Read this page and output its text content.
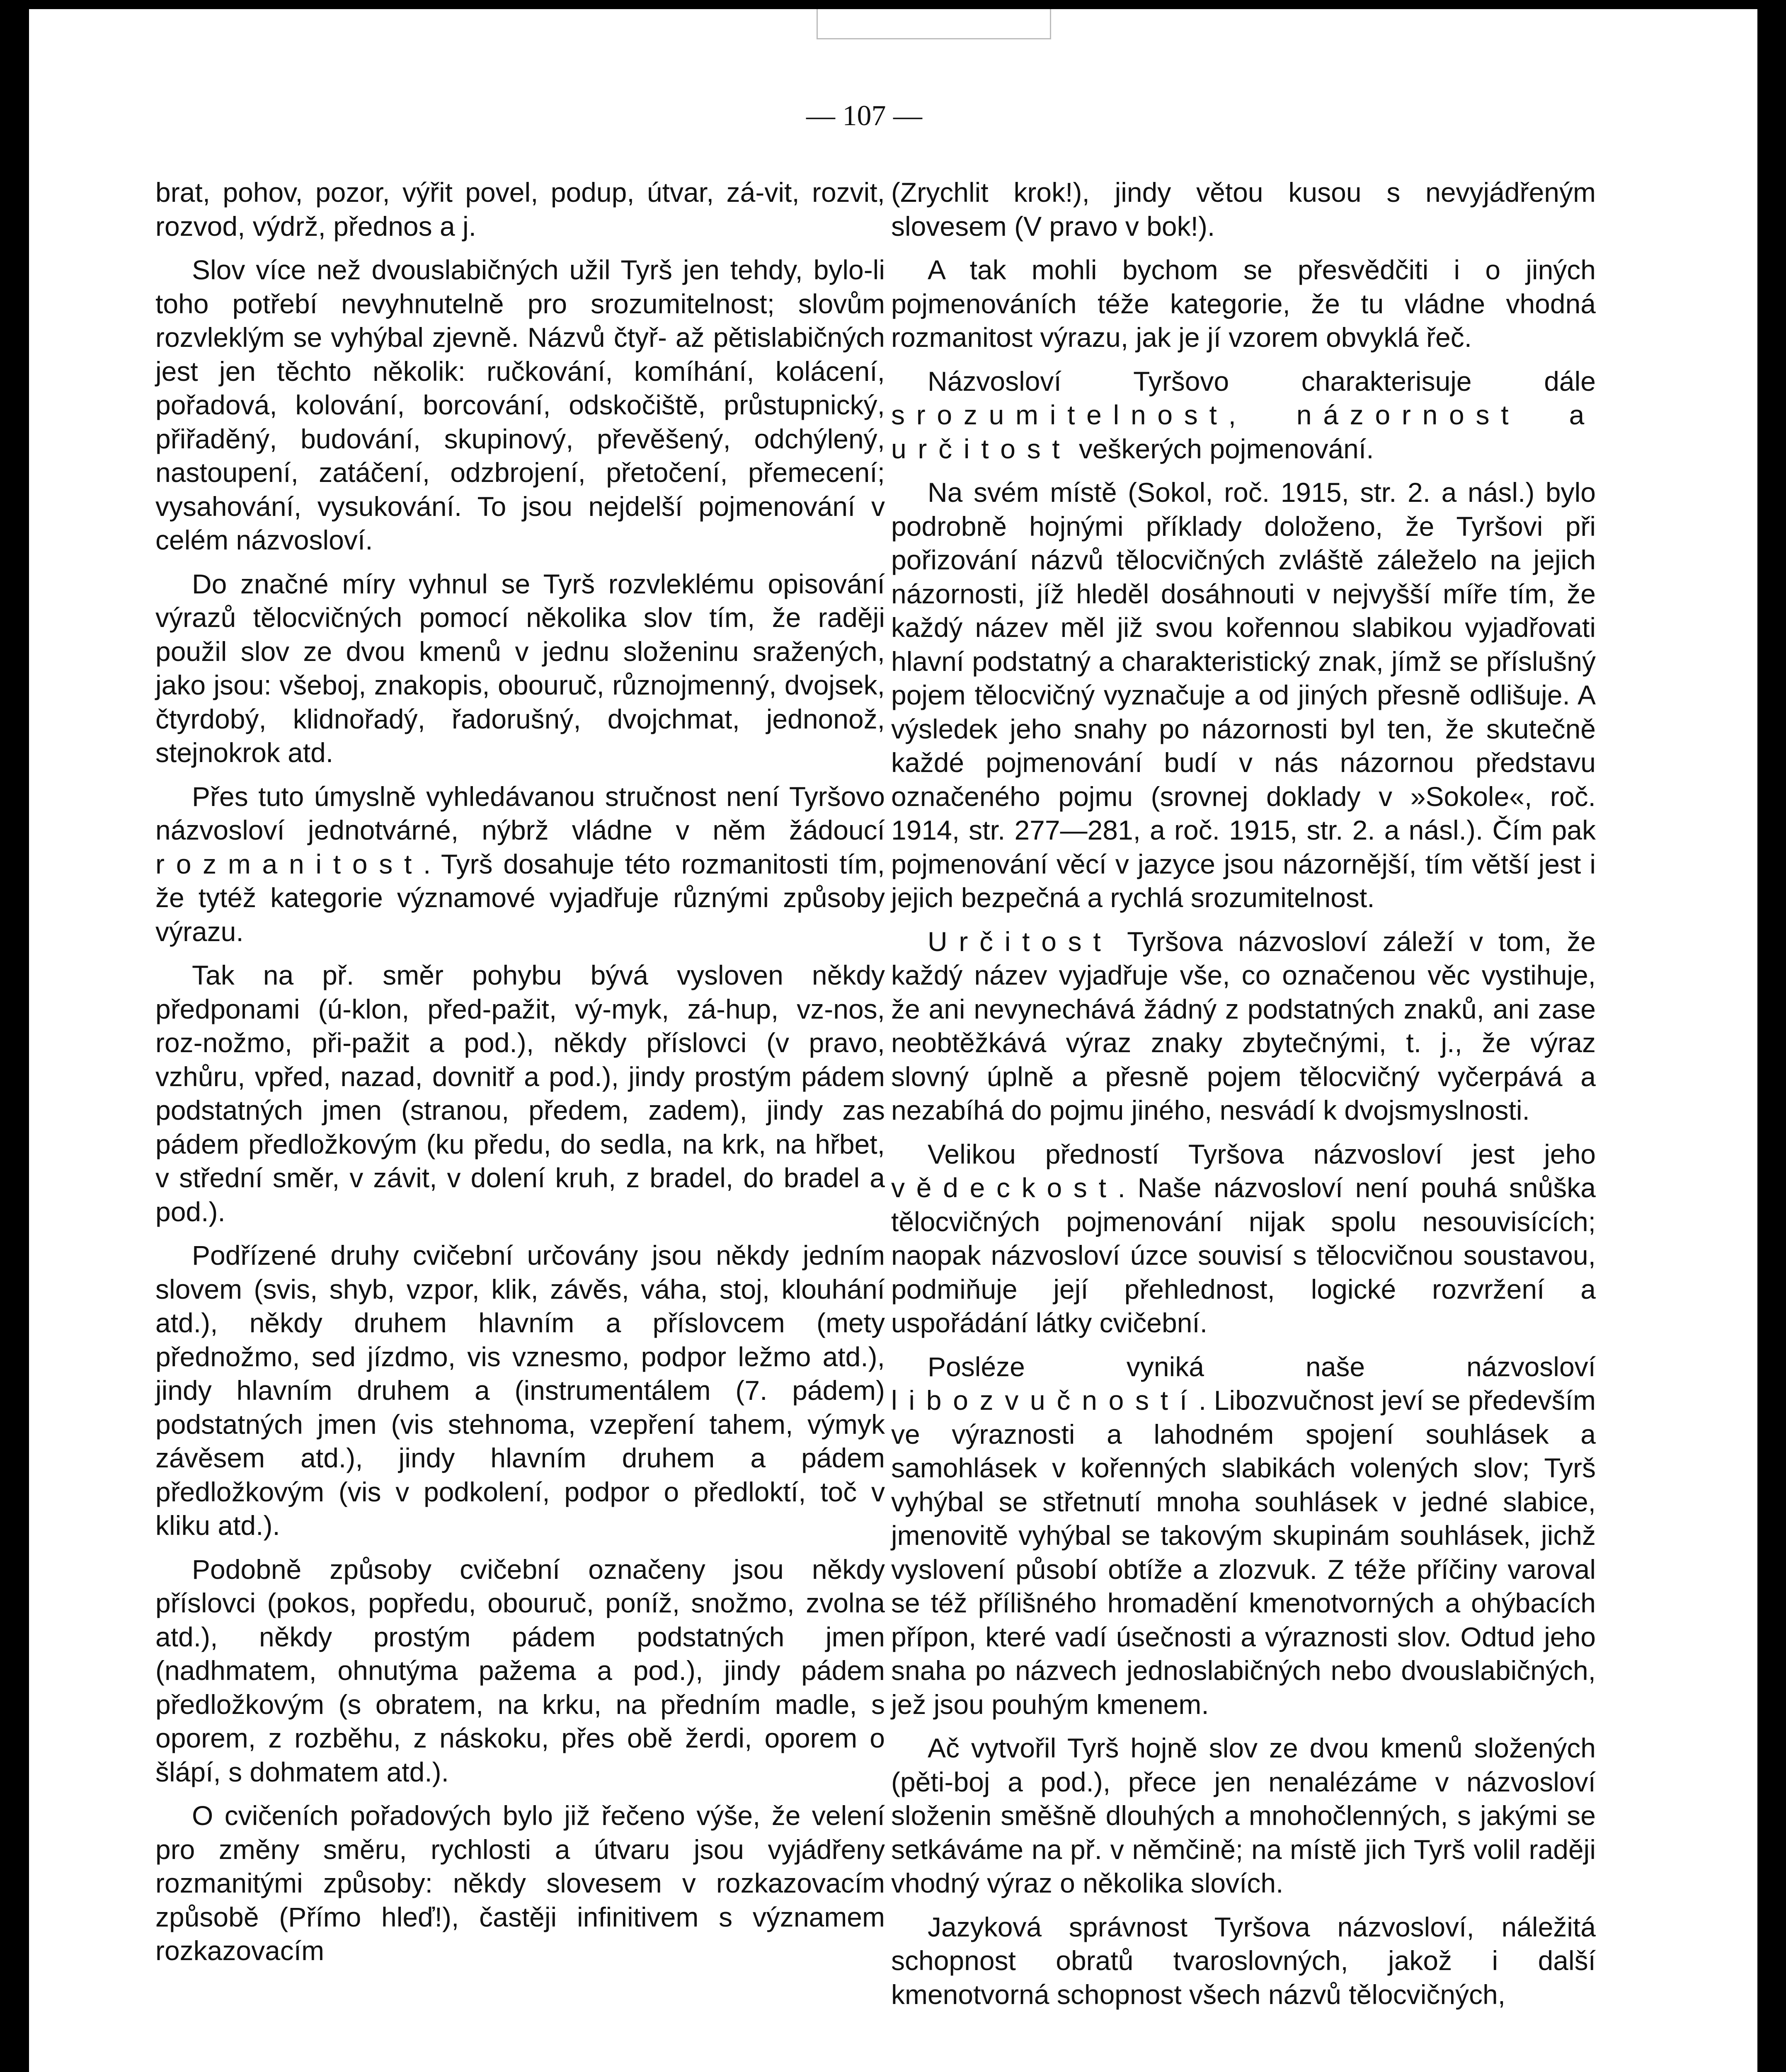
— 107 —

brat, pohov, pozor, výřit povel, podup, útvar, zá-vit, rozvit, rozvod, výdrž, přednos a j.

Slov více než dvouslabičných užil Tyrš jen tehdy, bylo-li toho potřebí nevyhnutelně pro srozumitelnost; slovům rozvleklým se vyhýbal zjevně. Názvů čtyř- až pětislabičných jest jen těchto několik: ručkování, komíhání, kolácení, pořadová, kolování, borcování, odskočiště, průstupnický, přiřaděný, budování, skupinový, převěšený, odchýlený, nastoupení, zatáčení, odzbrojení, přetočení, přemecení; vysahování, vysukování. To jsou nejdelší pojmenování v celém názvosloví.

Do značné míry vyhnul se Tyrš rozvleklému opisování výrazů tělocvičných pomocí několika slov tím, že raději použil slov ze dvou kmenů v jednu složeninu sražených, jako jsou: všeboj, znakopis, obouruč, různojmenný, dvojsek, čtyrdobý, klidnořadý, řadorušný, dvojchmat, jednonož, stejnokrok atd.

Přes tuto úmyslně vyhledávanou stručnost není Tyršovo názvosloví jednotvárné, nýbrž vládne v něm žádoucí rozmanitost. Tyrš dosahuje této rozmanitosti tím, že tytéž kategorie významové vyjadřuje různými způsoby výrazu.

Tak na př. směr pohybu bývá vysloven někdy předponami (ú-klon, před-pažit, vý-myk, zá-hup, vz-nos, roz-nožmo, při-pažit a pod.), někdy příslovci (v pravo, vzhůru, vpřed, nazad, dovnitř a pod.), jindy prostým pádem podstatných jmen (stranou, předem, zadem), jindy zas pádem předložkovým (ku předu, do sedla, na krk, na hřbet, v střední směr, v závit, v dolení kruh, z bradel, do bradel a pod.).

Podřízené druhy cvičební určovány jsou někdy jedním slovem (svis, shyb, vzpor, klik, závěs, váha, stoj, klouhání atd.), někdy druhem hlavním a příslovcem (mety přednožmo, sed jízdmo, vis vznesmo, podpor ležmo atd.), jindy hlavním druhem a (instrumentálem (7. pádem) podstatných jmen (vis stehnoma, vzepření tahem, výmyk závěsem atd.), jindy hlavním druhem a pádem předložkovým (vis v podkolení, podpor o předloktí, toč v kliku atd.).

Podobně způsoby cvičební označeny jsou někdy příslovci (pokos, popředu, obouruč, poníž, snožmo, zvolna atd.), někdy prostým pádem podstatných jmen (nadhmatem, ohnutýma pažema a pod.), jindy pádem předložkovým (s obratem, na krku, na předním madle, s oporem, z rozběhu, z náskoku, přes obě žerdi, oporem o šlápí, s dohmatem atd.).

O cvičeních pořadových bylo již řečeno výše, že velení pro změny směru, rychlosti a útvaru jsou vyjádřeny rozmanitými způsoby: někdy slovesem v rozkazovacím způsobě (Přímo hleď!), častěji infinitivem s významem rozkazovacím

(Zrychlit krok!), jindy větou kusou s nevyjádřeným slovesem (V pravo v bok!).

A tak mohli bychom se přesvědčiti i o jiných pojmenováních téže kategorie, že tu vládne vhodná rozmanitost výrazu, jak je jí vzorem obvyklá řeč.

Názvosloví Tyršovo charakterisuje dále srozumitelnost, názornost a určitost veškerých pojmenování.

Na svém místě (Sokol, roč. 1915, str. 2. a násl.) bylo podrobně hojnými příklady doloženo, že Tyršovi při pořizování názvů tělocvičných zvláště záleželo na jejich názornosti, jíž hleděl dosáhnouti v nejvyšší míře tím, že každý název měl již svou kořennou slabikou vyjadřovati hlavní podstatný a charakteristický znak, jímž se příslušný pojem tělocvičný vyznačuje a od jiných přesně odlišuje. A výsledek jeho snahy po názornosti byl ten, že skutečně každé pojmenování budí v nás názornou představu označeného pojmu (srovnej doklady v »Sokole«, roč. 1914, str. 277—281, a roč. 1915, str. 2. a násl.). Čím pak pojmenování věcí v jazyce jsou názornější, tím větší jest i jejich bezpečná a rychlá srozumitelnost.

Určitost Tyršova názvosloví záleží v tom, že každý název vyjadřuje vše, co označenou věc vystihuje, že ani nevynechává žádný z podstatných znaků, ani zase neobtěžkává výraz znaky zbytečnými, t. j., že výraz slovný úplně a přesně pojem tělocvičný vyčerpává a nezabíhá do pojmu jiného, nesvádí k dvojsmyslnosti.

Velikou předností Tyršova názvosloví jest jeho vědeckost. Naše názvosloví není pouhá snůška tělocvičných pojmenování nijak spolu nesouvisících; naopak názvosloví úzce souvisí s tělocvičnou soustavou, podmiňuje její přehlednost, logické rozvržení a uspořádání látky cvičební.

Posléze vyniká naše názvosloví libozvučností. Libozvučnost jeví se především ve výraznosti a lahodném spojení souhlásek a samohlásek v kořenných slabikách volených slov; Tyrš vyhýbal se střetnutí mnoha souhlásek v jedné slabice, jmenovitě vyhýbal se takovým skupinám souhlásek, jichž vyslovení působí obtíže a zlozvuk. Z téže příčiny varoval se též přílišného hromadění kmenotvorných a ohýbacích přípon, které vadí úsečnosti a výraznosti slov. Odtud jeho snaha po názvech jednoslabičných nebo dvouslabičných, jež jsou pouhým kmenem.

Ač vytvořil Tyrš hojně slov ze dvou kmenů složených (pěti-boj a pod.), přece jen nenalézáme v názvosloví složenin směšně dlouhých a mnohočlenných, s jakými se setkáváme na př. v němčině; na místě jich Tyrš volil raději vhodný výraz o několika slovích.

Jazyková správnost Tyršova názvosloví, náležitá schopnost obratů tvaroslovných, jakož i další kmenotvorná schopnost všech názvů tělocvičných,
